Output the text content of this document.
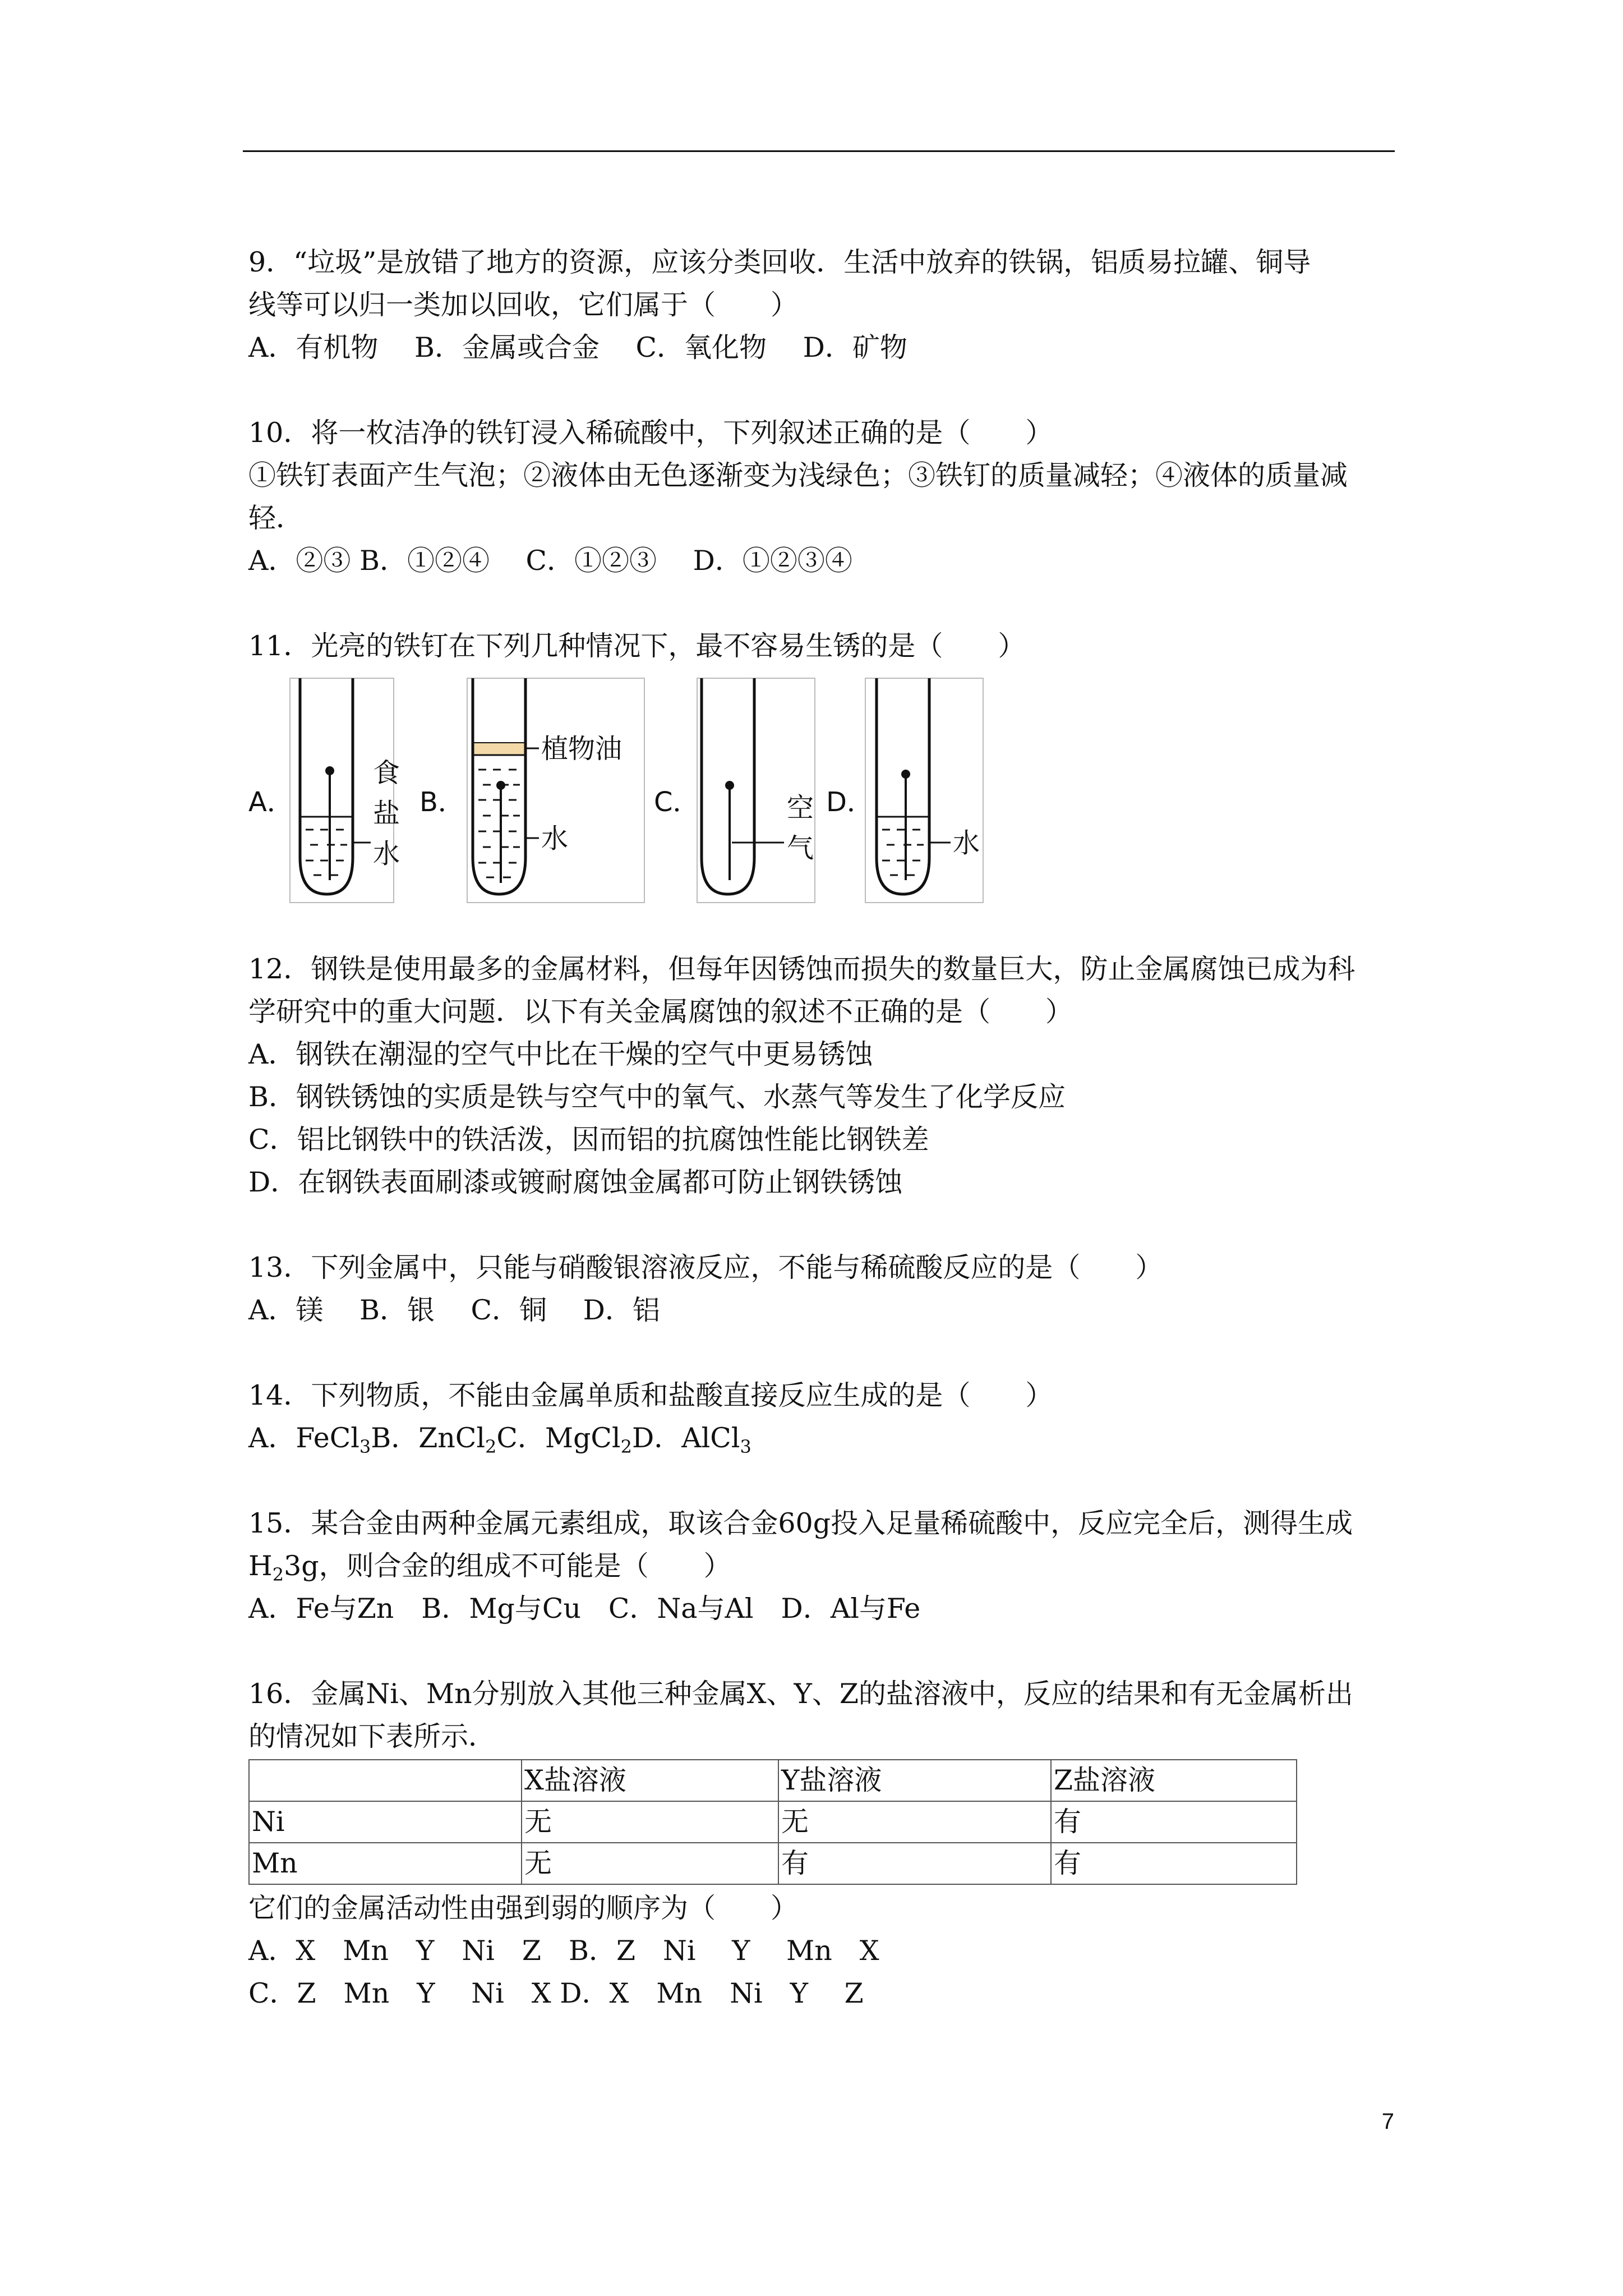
9．“垃圾”是放错了地方的资源，应该分类回收．生活中放弃的铁锅，铝质易拉罐、铜导
线等可以归一类加以回收，它们属于（　　）
A．有机物　 B．金属或合金　 C．氧化物　 D．矿物
10．将一枚洁净的铁钉浸入稀硫酸中，下列叙述正确的是（　　）
①铁钉表面产生气泡；②液体由无色逐渐变为浅绿色；③铁钉的质量减轻；④液体的质量减
轻．
A．②③ B．①②④　 C．①②③　 D．①②③④
11．光亮的铁钉在下列几种情况下，最不容易生锈的是（　　）
A．
食
盐
水
B．
植物油
水
C．	空
气
D．
水
12．钢铁是使用最多的金属材料，但每年因锈蚀而损失的数量巨大，防止金属腐蚀已成为科
学研究中的重大问题．以下有关金属腐蚀的叙述不正确的是（　　）
A．钢铁在潮湿的空气中比在干燥的空气中更易锈蚀
B．钢铁锈蚀的实质是铁与空气中的氧气、水蒸气等发生了化学反应
C．铝比钢铁中的铁活泼，因而铝的抗腐蚀性能比钢铁差
D．在钢铁表面刷漆或镀耐腐蚀金属都可防止钢铁锈蚀
13．下列金属中，只能与硝酸银溶液反应，不能与稀硫酸反应的是（　　）
A．镁　 B．银　 C．铜　 D．铝
14．下列物质，不能由金属单质和盐酸直接反应生成的是（　　）
A．FeCl$_3$B．ZnCl$_2$C．MgCl$_2$D．AlCl$_3$
15．某合金由两种金属元素组成，取该合金60g投入足量稀硫酸中，反应完全后，测得生成
$H_23g$，则合金的组成不可能是（　　）
A．Fe与Zn　B．Mg与Cu　C．Na与Al　D．Al与Fe
16．金属Ni、Mn分别放入其他三种金属X、Y、Z的盐溶液中，反应的结果和有无金属析出
的情况如下表所示．
	X盐溶液	Y盐溶液	Z盐溶液
Ni	无	无	有
Mn	无	有	有
它们的金属活动性由强到弱的顺序为（　　）
A．X　Mn　Y　Ni　Z　B．Z　Ni　 Y　 Mn　X
C．Z　Mn　Y　 Ni　X D．X　Mn　Ni　Y　 Z
7
